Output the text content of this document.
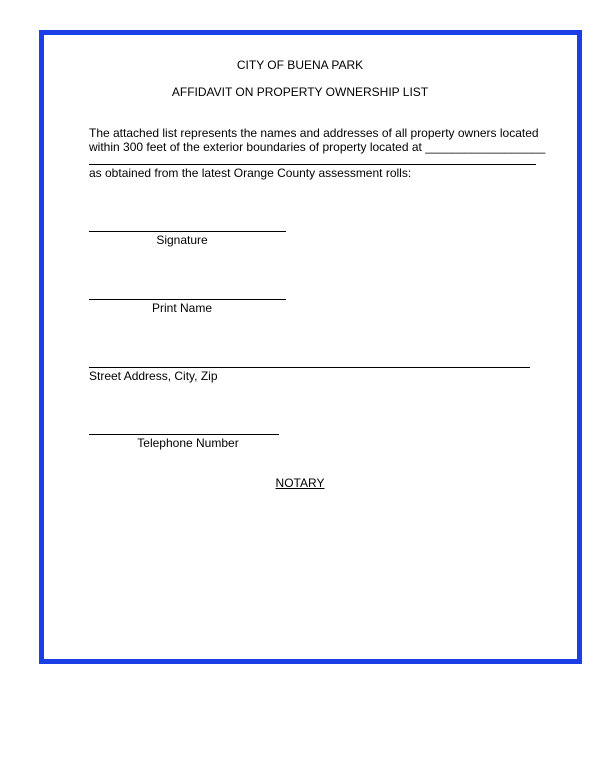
CITY OF BUENA PARK

AFFIDAVIT ON PROPERTY OWNERSHIP LIST

The attached list represents the names and addresses of all property owners located

within 300 feet of the exterior boundaries of property located at __________________

as obtained from the latest Orange County assessment rolls:

Signature

Print Name

Street Address, City, Zip

Telephone Number

NOTARY
